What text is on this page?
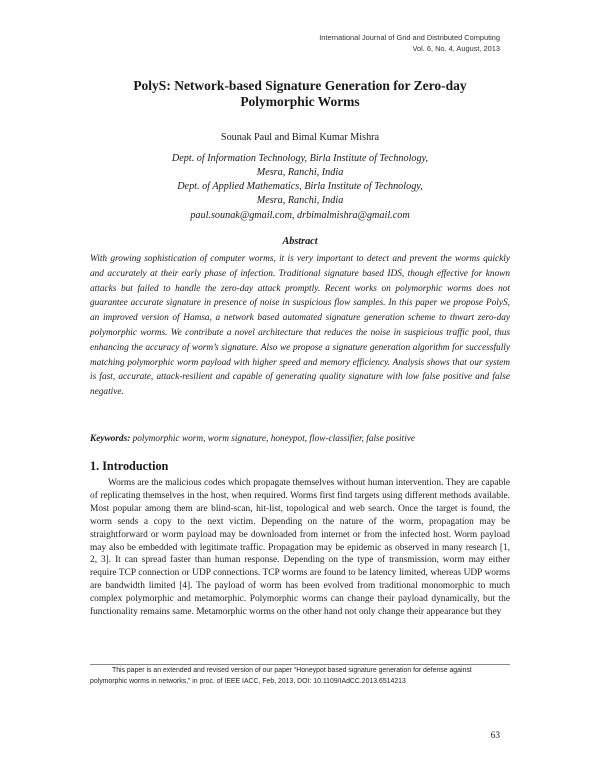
International Journal of Grid and Distributed Computing
Vol. 6, No. 4, August, 2013
PolyS: Network-based Signature Generation for Zero-day
Polymorphic Worms
Sounak Paul and Bimal Kumar Mishra
Dept. of Information Technology, Birla Institute of Technology,
Mesra, Ranchi, India
Dept. of Applied Mathematics, Birla Institute of Technology,
Mesra, Ranchi, India
paul.sounak@gmail.com, drbimalmishra@gmail.com
Abstract
With growing sophistication of computer worms, it is very important to detect and prevent the worms quickly and accurately at their early phase of infection. Traditional signature based IDS, though effective for known attacks but failed to handle the zero-day attack promptly. Recent works on polymorphic worms does not guarantee accurate signature in presence of noise in suspicious flow samples. In this paper we propose PolyS, an improved version of Hamsa, a network based automated signature generation scheme to thwart zero-day polymorphic worms. We contribute a novel architecture that reduces the noise in suspicious traffic pool, thus enhancing the accuracy of worm’s signature. Also we propose a signature generation algorithm for successfully matching polymorphic worm payload with higher speed and memory efficiency. Analysis shows that our system is fast, accurate, attack-resilient and capable of generating quality signature with low false positive and false negative.
Keywords: polymorphic worm, worm signature, honeypot, flow-classifier, false positive
1. Introduction
Worms are the malicious codes which propagate themselves without human intervention. They are capable of replicating themselves in the host, when required. Worms first find targets using different methods available. Most popular among them are blind-scan, hit-list, topological and web search. Once the target is found, the worm sends a copy to the next victim. Depending on the nature of the worm, propagation may be straightforward or worm payload may be downloaded from internet or from the infected host. Worm payload may also be embedded with legitimate traffic. Propagation may be epidemic as observed in many research [1, 2, 3]. It can spread faster than human response. Depending on the type of transmission, worm may either require TCP connection or UDP connections. TCP worms are found to be latency limited, whereas UDP worms are bandwidth limited [4]. The payload of worm has been evolved from traditional monomorphic to much complex polymorphic and metamorphic. Polymorphic worms can change their payload dynamically, but the functionality remains same. Metamorphic worms on the other hand not only change their appearance but they
This paper is an extended and revised version of our paper “Honeypot based signature generation for defense against polymorphic worms in networks,” in proc. of IEEE IACC, Feb, 2013, DOI: 10.1109/IAdCC.2013.6514213
63
